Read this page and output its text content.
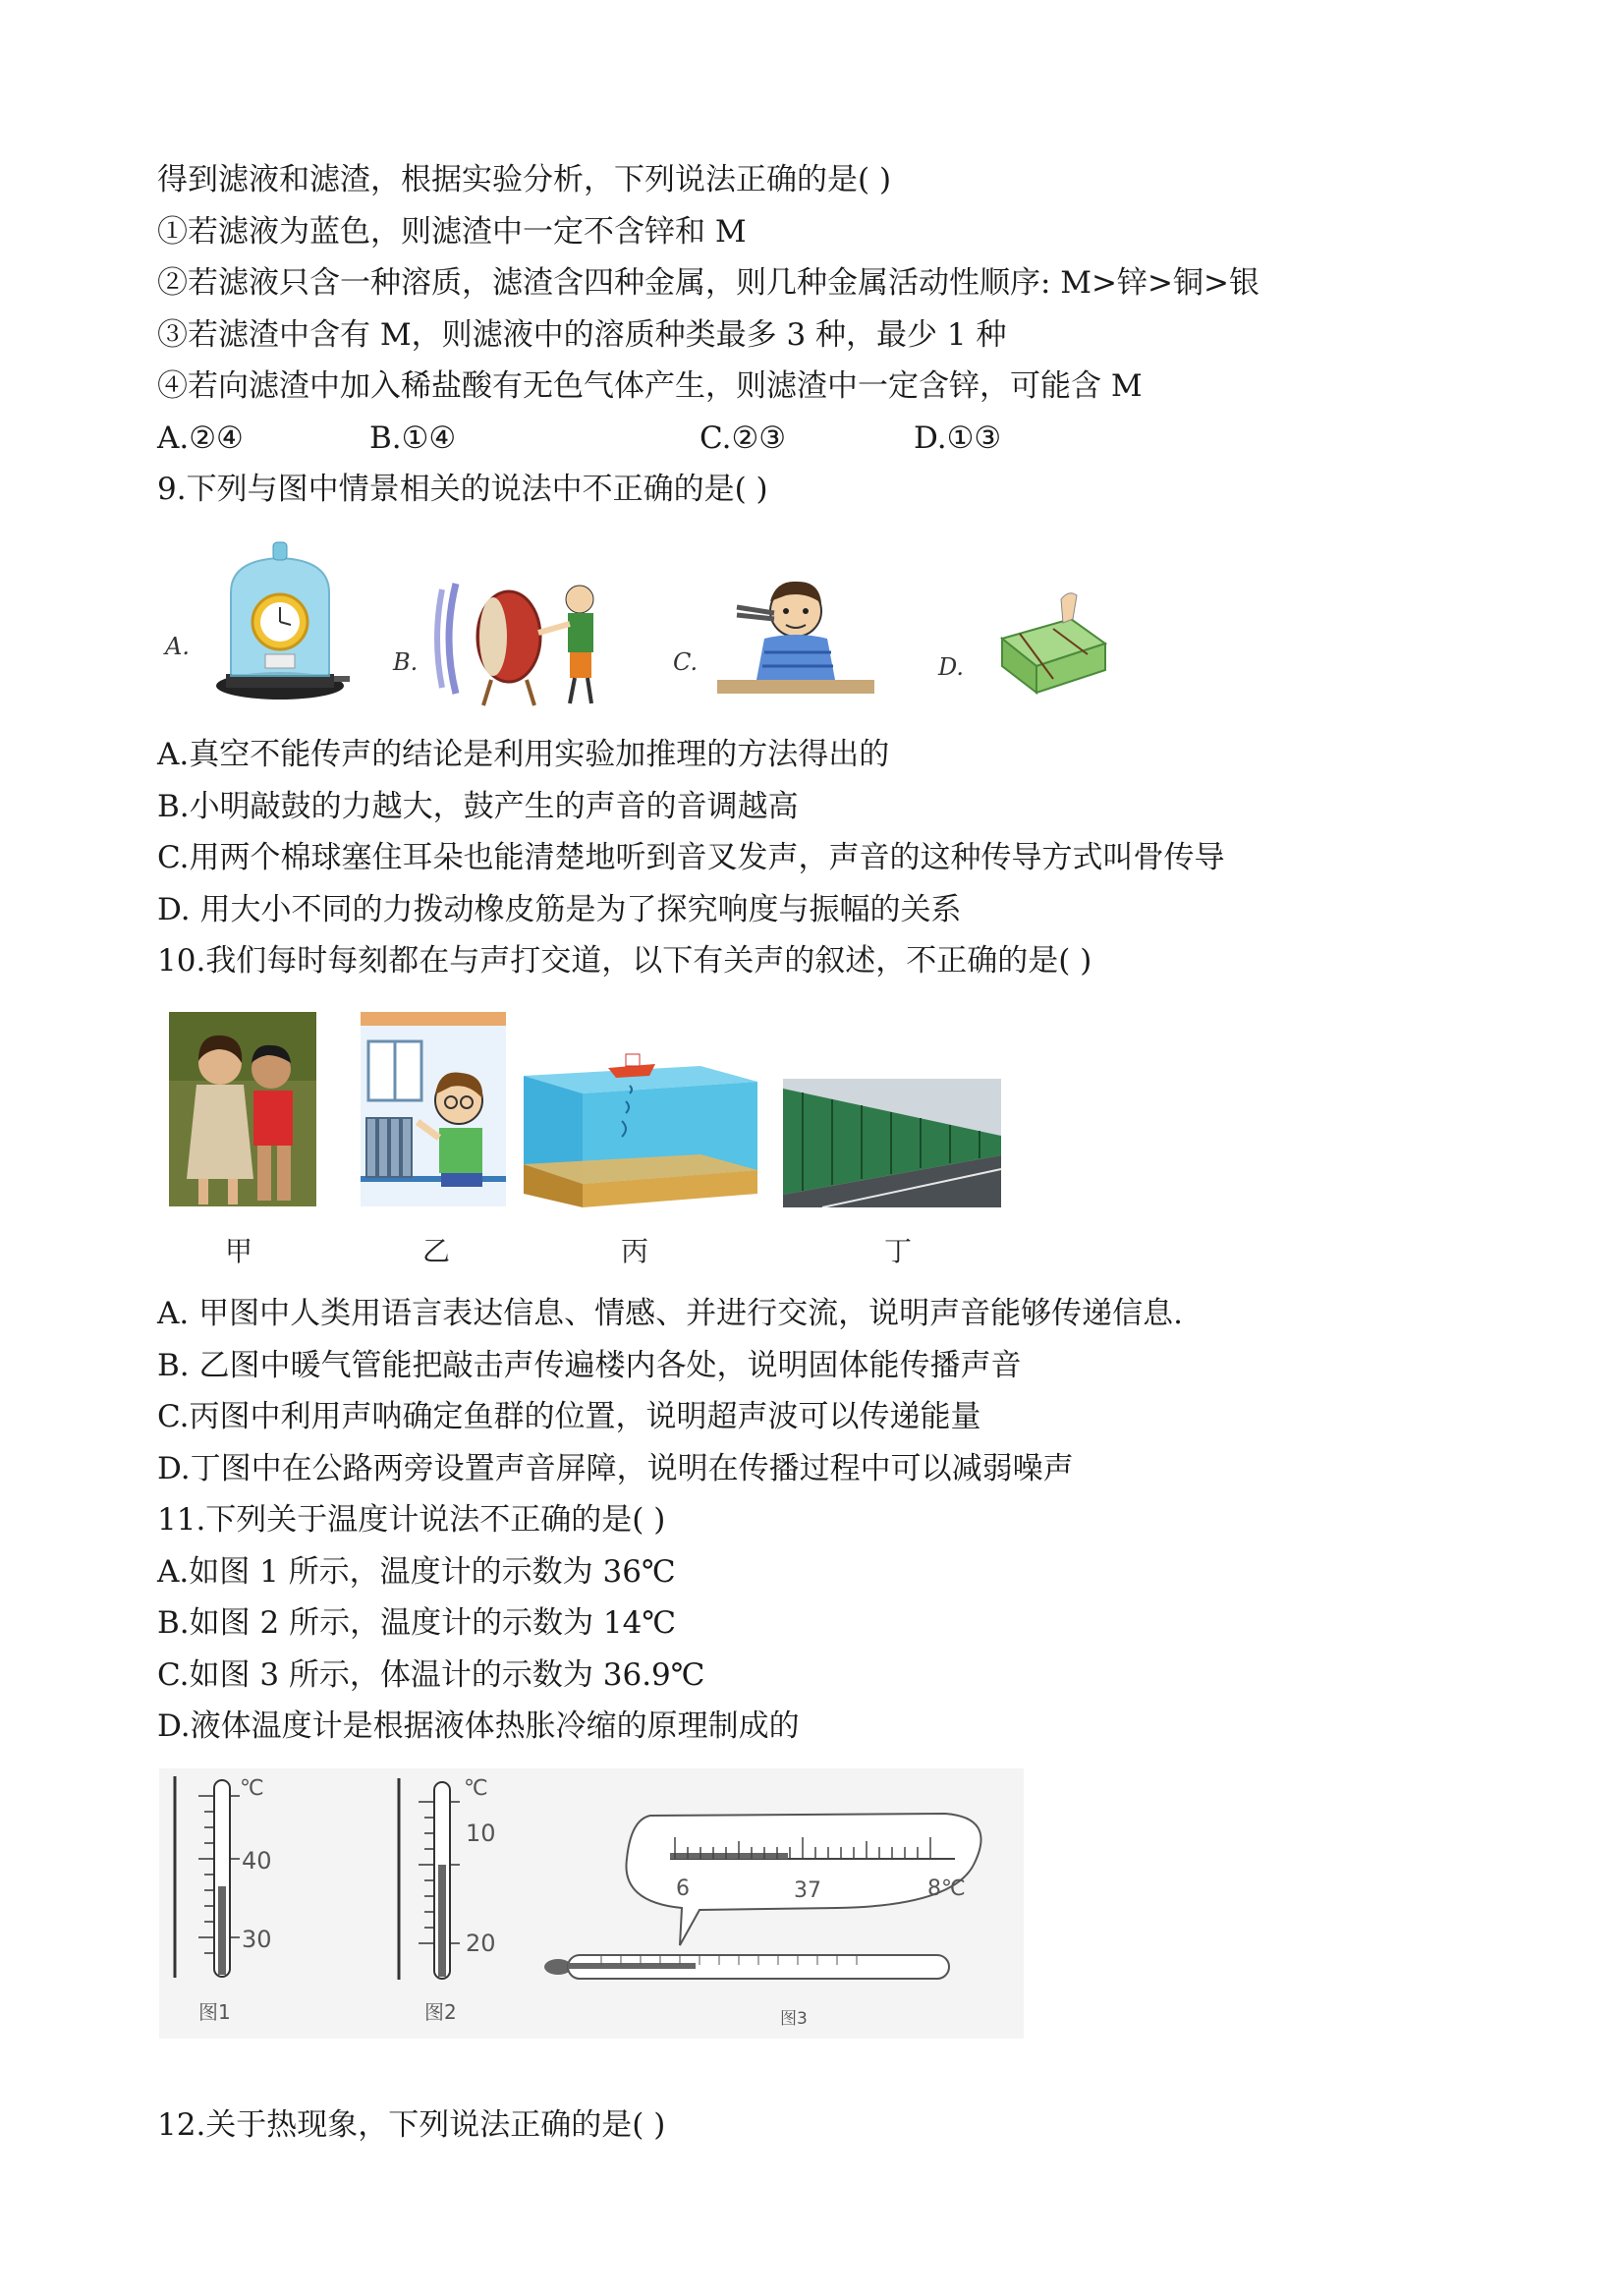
得到滤液和滤渣，根据实验分析，下列说法正确的是( )
①若滤液为蓝色，则滤渣中一定不含锌和 M
②若滤液只含一种溶质，滤渣含四种金属，则几种金属活动性顺序: M>锌>铜>银
③若滤渣中含有 M，则滤液中的溶质种类最多 3 种，最少 1 种
④若向滤渣中加入稀盐酸有无色气体产生，则滤渣中一定含锌，可能含 M
A.②④	B.①④	C.②③	D.①③
9.下列与图中情景相关的说法中不正确的是( )
A.
B.	C.	D.
A.真空不能传声的结论是利用实验加推理的方法得出的
B.小明敲鼓的力越大，鼓产生的声音的音调越高
C.用两个棉球塞住耳朵也能清楚地听到音叉发声，声音的这种传导方式叫骨传导
D. 用大小不同的力拨动橡皮筋是为了探究响度与振幅的关系
10.我们每时每刻都在与声打交道，以下有关声的叙述，不正确的是( )
甲	乙	丙	丁
A. 甲图中人类用语言表达信息、情感、并进行交流，说明声音能够传递信息.
B. 乙图中暖气管能把敲击声传遍楼内各处，说明固体能传播声音
C.丙图中利用声呐确定鱼群的位置，说明超声波可以传递能量
D.丁图中在公路两旁设置声音屏障，说明在传播过程中可以减弱噪声
11.下列关于温度计说法不正确的是( )
A.如图 1 所示，温度计的示数为 36℃
B.如图 2 所示，温度计的示数为 14℃
C.如图 3 所示，体温计的示数为 36.9℃
D.液体温度计是根据液体热胀冷缩的原理制成的
℃
40
30
图1
℃
10
20
图2
6	37	8℃
图3
12.关于热现象，下列说法正确的是( )
